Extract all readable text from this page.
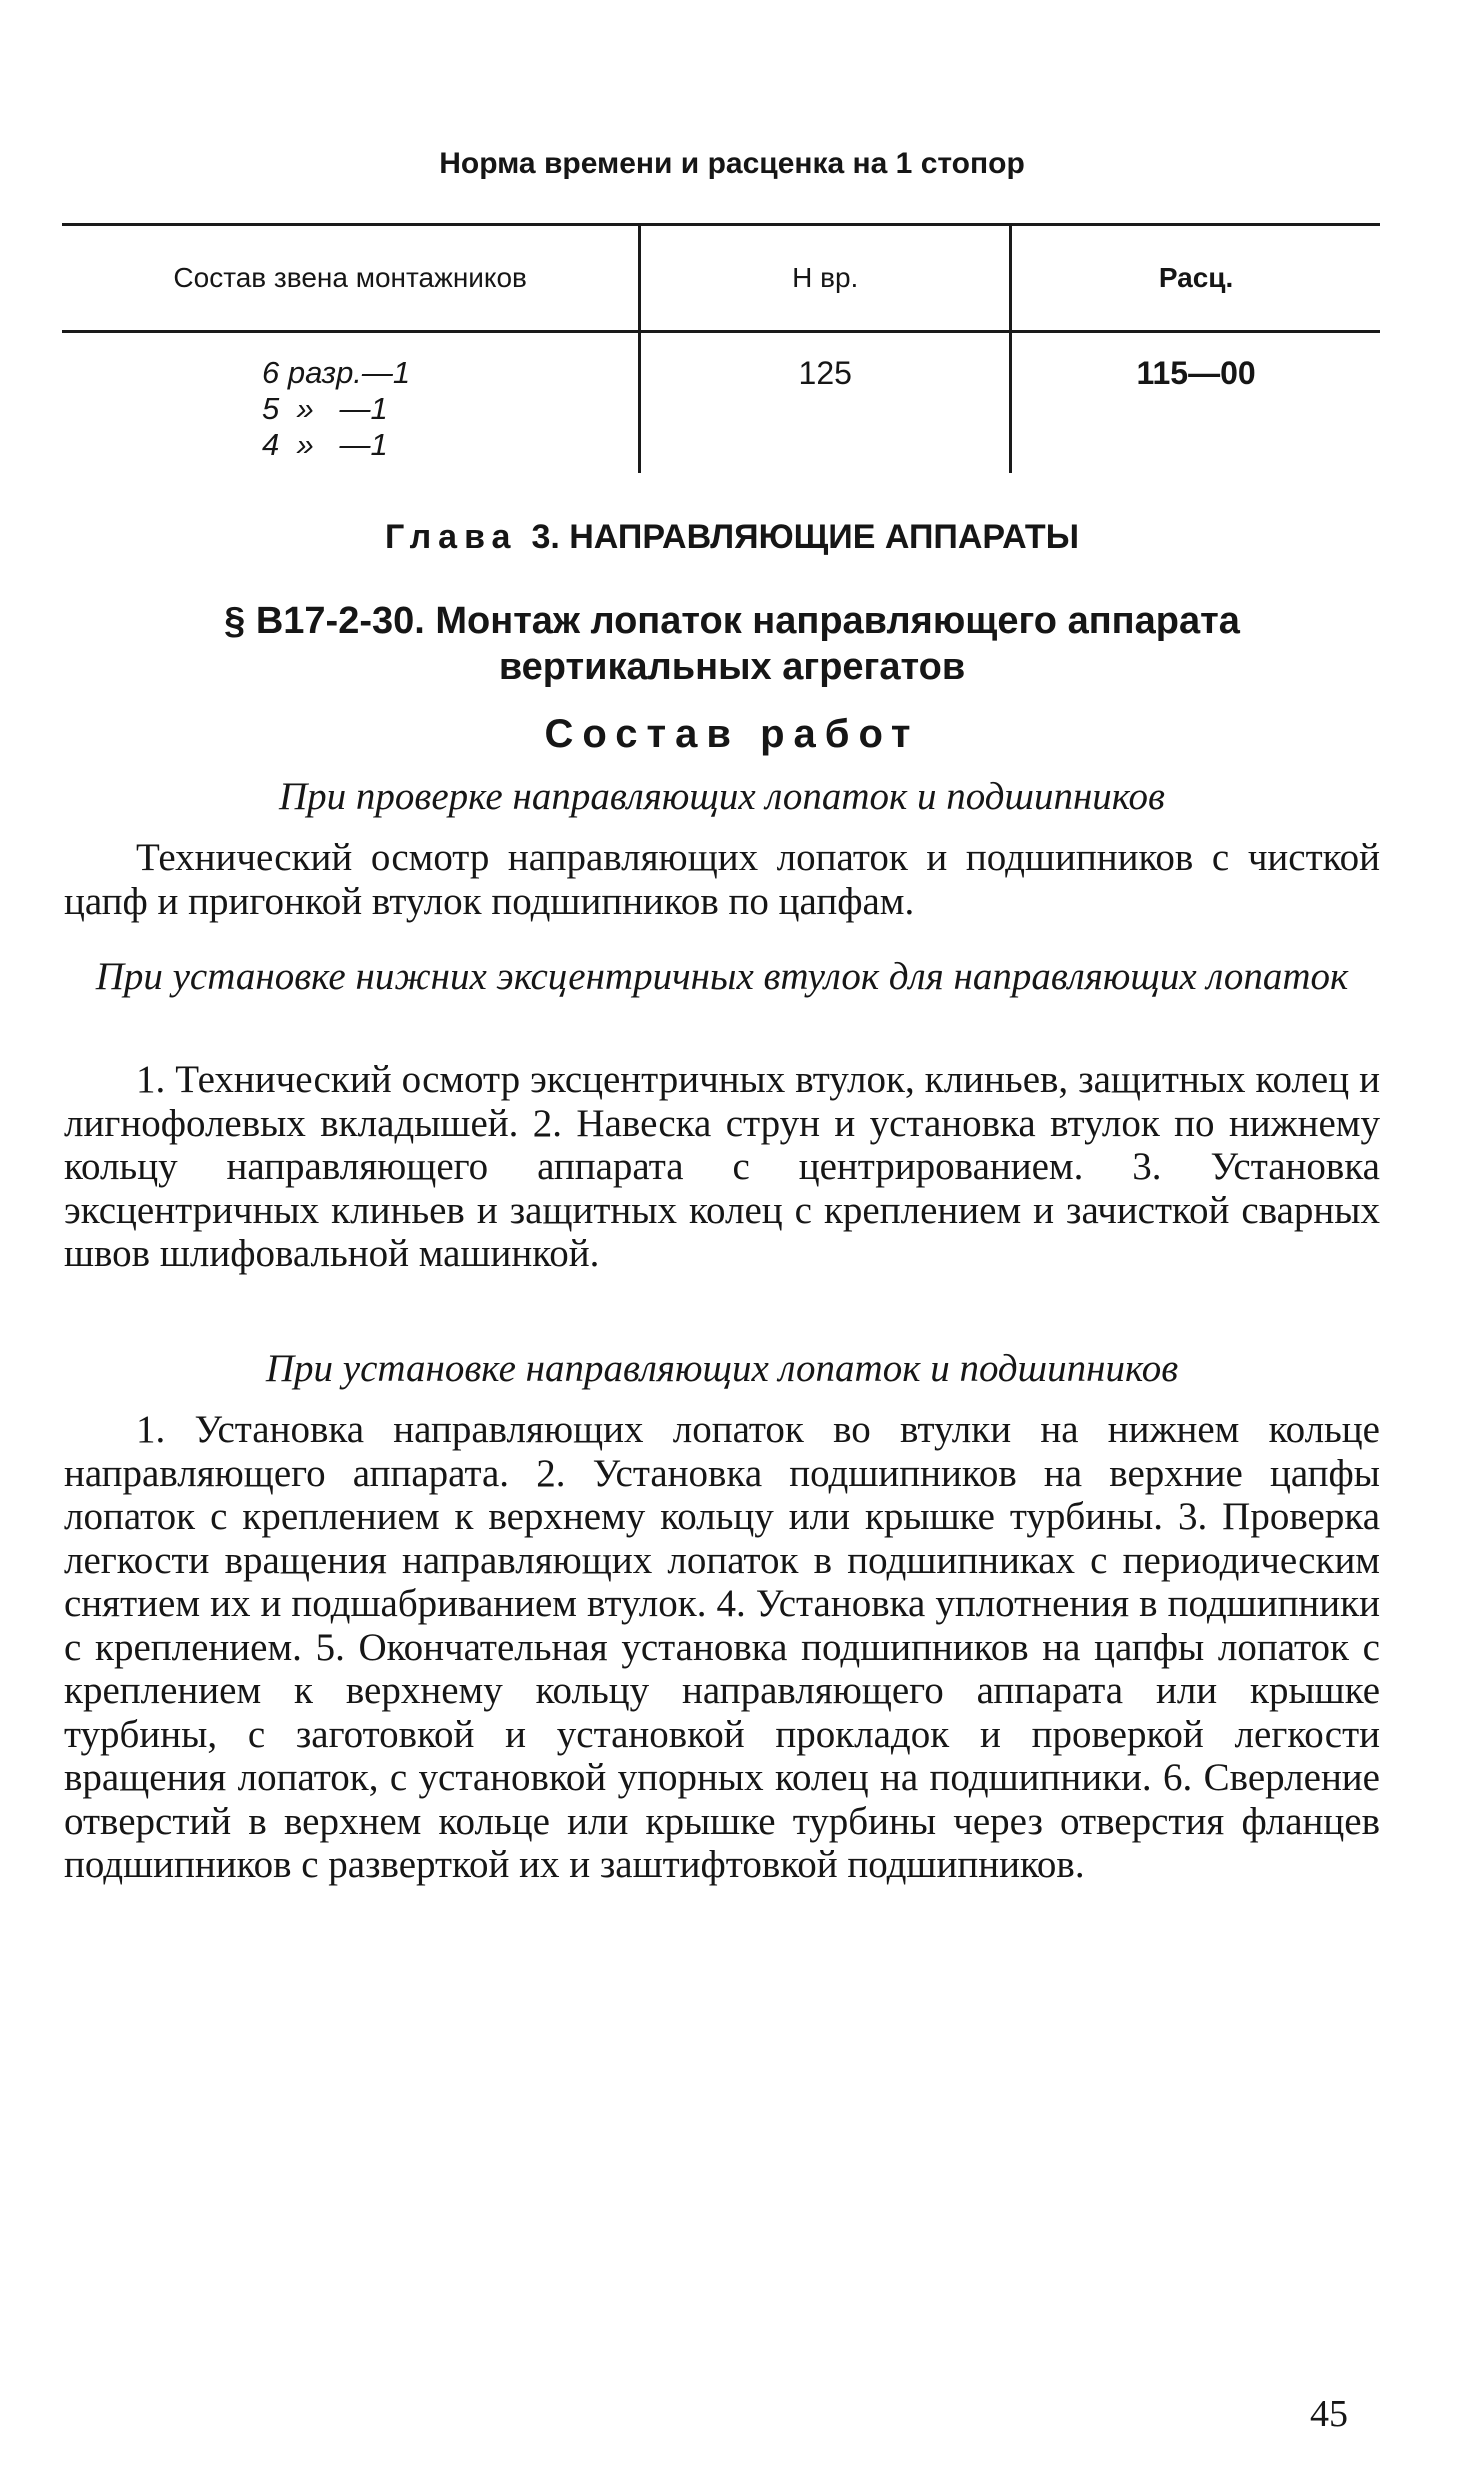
Норма времени и расценка на 1 стопор
Состав звена монтажников	Н вр.	Расц.

6 разр.—1
5  »   —1
4  »   —1	125	115—00
Глава 3. НАПРАВЛЯЮЩИЕ АППАРАТЫ
§ В17-2-30. Монтаж лопаток направляющего аппарата
вертикальных агрегатов
Состав работ
При проверке направляющих лопаток и подшипников
Технический осмотр направляющих лопаток и подшипников с чисткой цапф и пригонкой втулок подшипников по цапфам.
При установке нижних эксцентричных втулок для направляющих лопаток
1. Технический осмотр эксцентричных втулок, клиньев, защитных колец и лигнофолевых вкладышей. 2. Навеска струн и установка втулок по нижнему кольцу направляющего аппарата с центрированием. 3. Установка эксцентричных клиньев и защитных колец с креплением и зачисткой сварных швов шлифовальной машинкой.
При установке направляющих лопаток и подшипников
1. Установка направляющих лопаток во втулки на нижнем кольце направляющего аппарата. 2. Установка подшипников на верхние цапфы лопаток с креплением к верхнему кольцу или крышке турбины. 3. Проверка легкости вращения направляющих лопаток в подшипниках с периодическим снятием их и подшабриванием втулок. 4. Установка уплотнения в подшипники с креплением. 5. Окончательная установка подшипников на цапфы лопаток с креплением к верхнему кольцу направляющего аппарата или крышке турбины, с заготовкой и установкой прокладок и проверкой легкости вращения лопаток, с установкой упорных колец на подшипники. 6. Сверление отверстий в верхнем кольце или крышке турбины через отверстия фланцев подшипников с разверткой их и заштифтовкой подшипников.
45
